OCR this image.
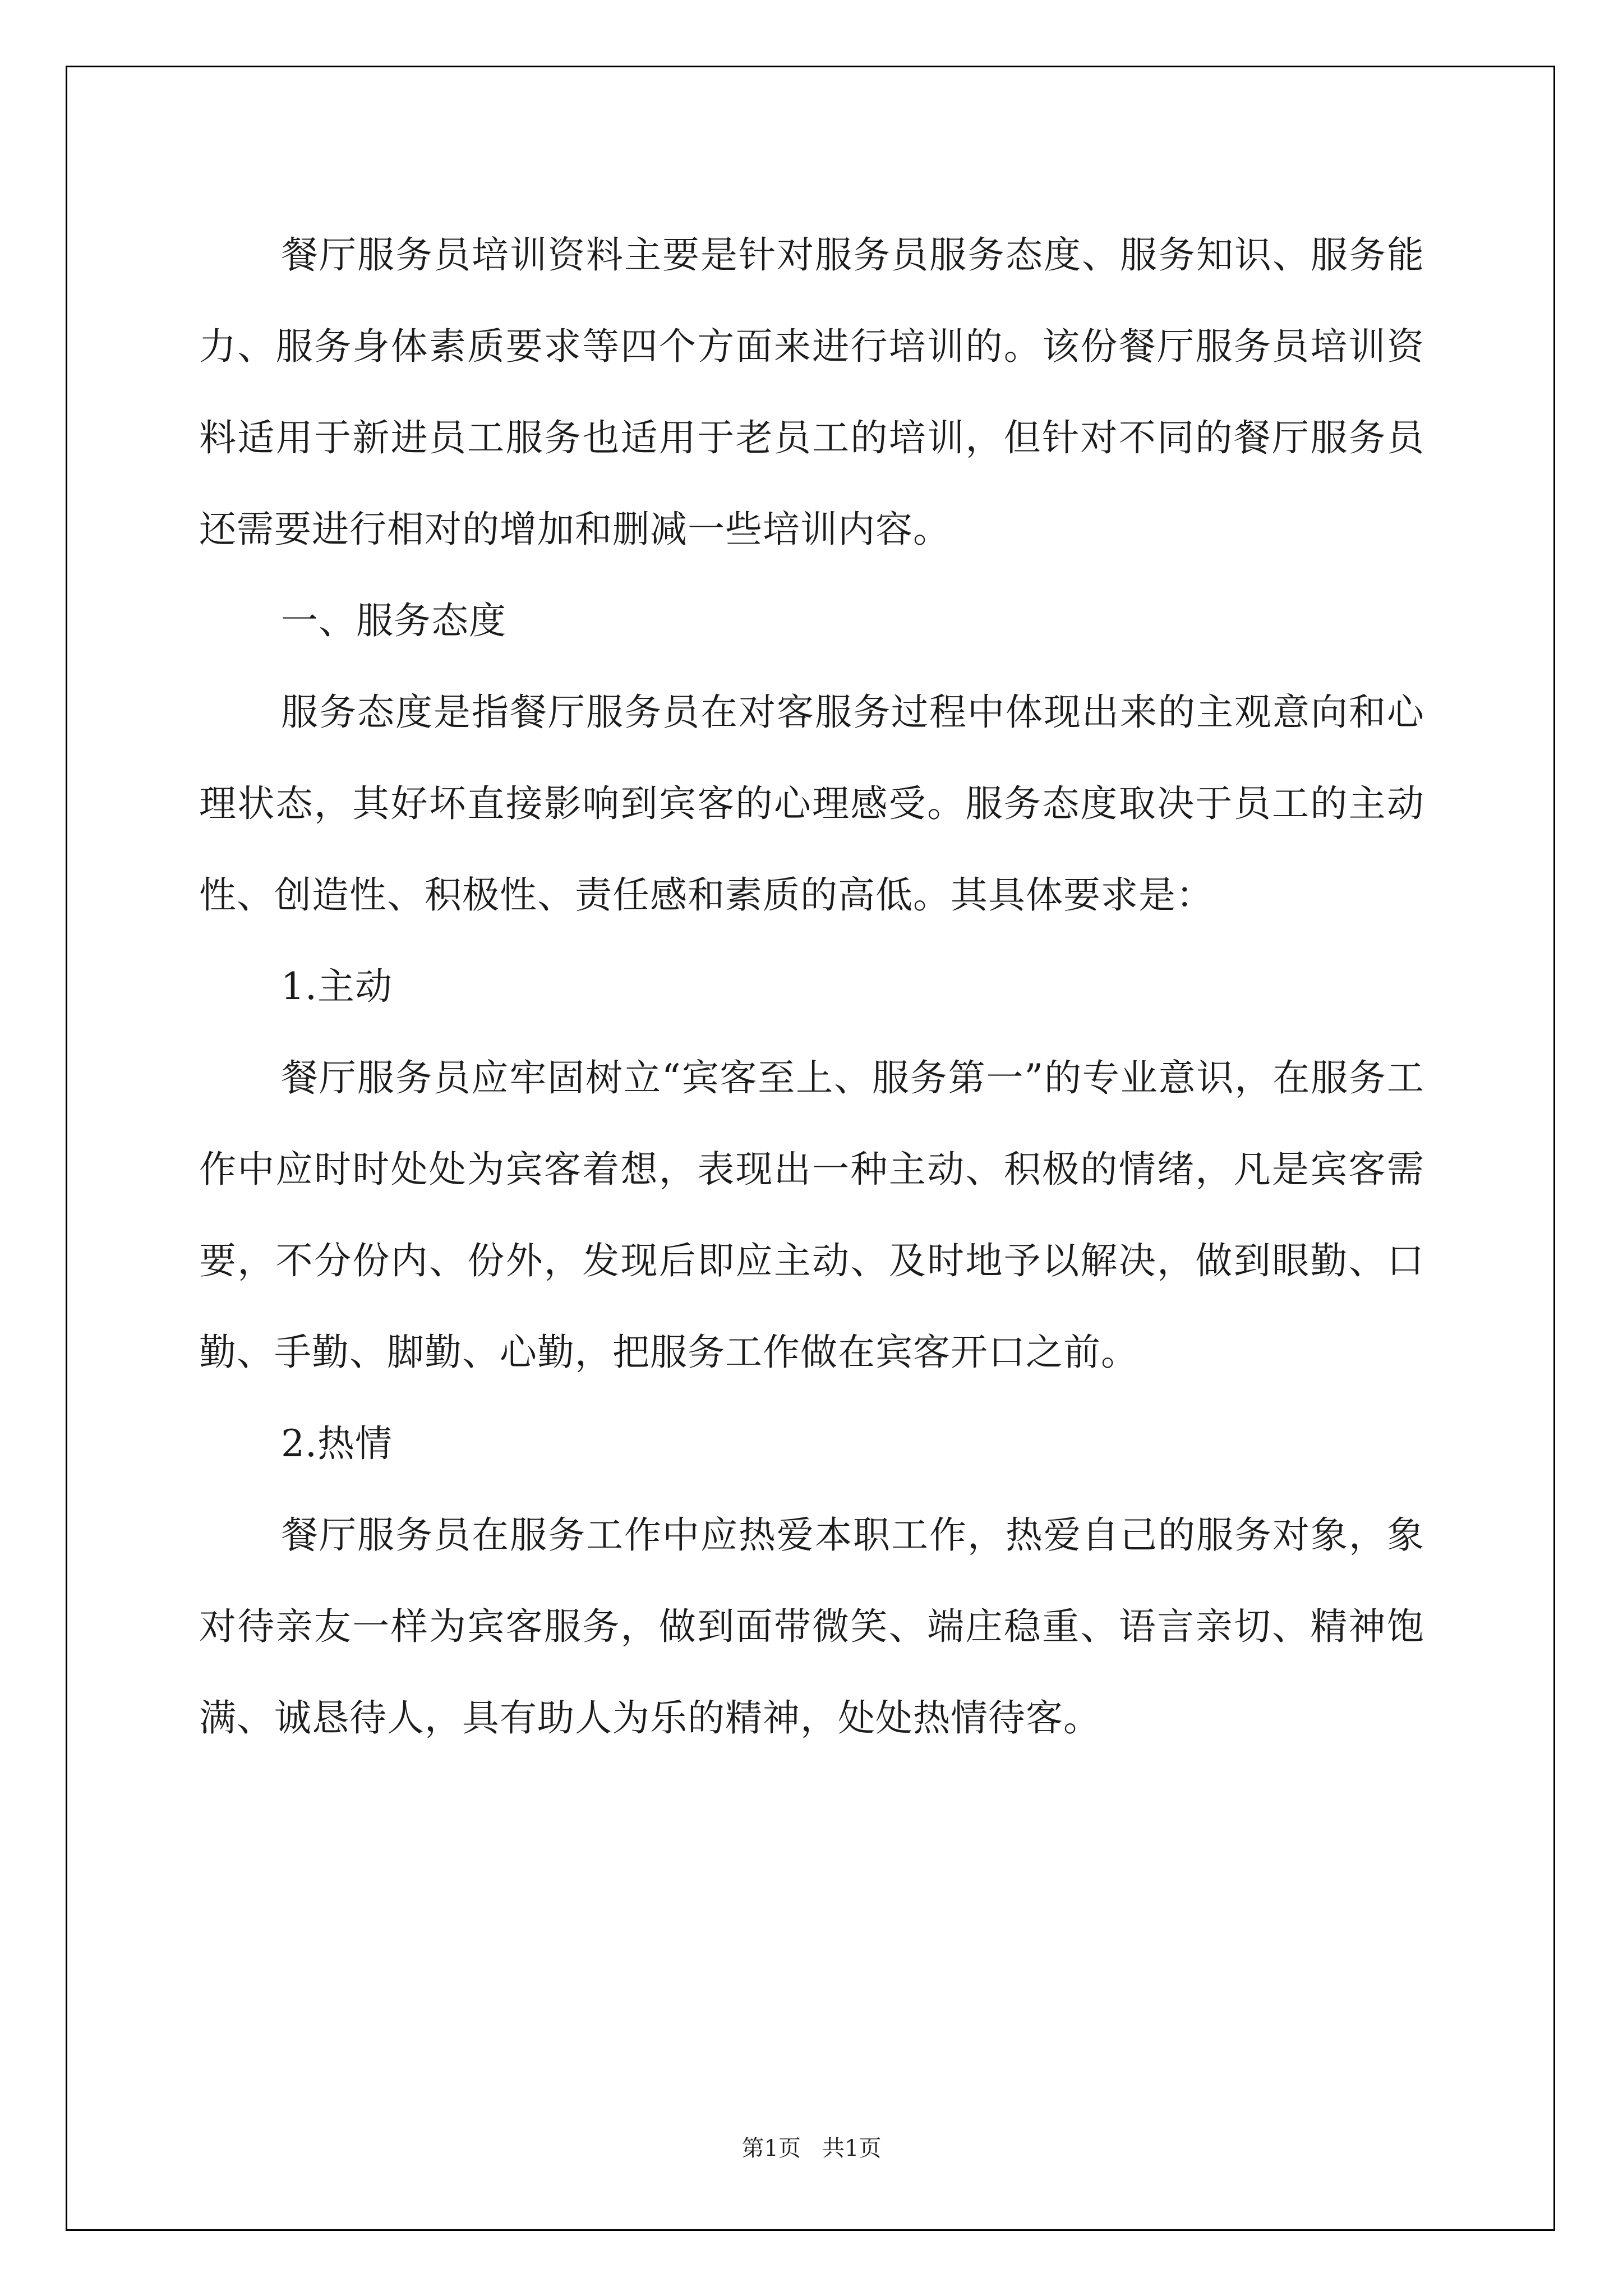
餐厅服务员培训资料主要是针对服务员服务态度、服务知识、服务能力、服务身体素质要求等四个方面来进行培训的。该份餐厅服务员培训资料适用于新进员工服务也适用于老员工的培训，但针对不同的餐厅服务员还需要进行相对的增加和删减一些培训内容。

一、服务态度

服务态度是指餐厅服务员在对客服务过程中体现出来的主观意向和心理状态，其好坏直接影响到宾客的心理感受。服务态度取决于员工的主动性、创造性、积极性、责任感和素质的高低。其具体要求是：

1.主动

餐厅服务员应牢固树立“宾客至上、服务第一”的专业意识，在服务工作中应时时处处为宾客着想，表现出一种主动、积极的情绪，凡是宾客需要，不分份内、份外，发现后即应主动、及时地予以解决，做到眼勤、口勤、手勤、脚勤、心勤，把服务工作做在宾客开口之前。

2.热情

餐厅服务员在服务工作中应热爱本职工作，热爱自己的服务对象，象对待亲友一样为宾客服务，做到面带微笑、端庄稳重、语言亲切、精神饱满、诚恳待人，具有助人为乐的精神，处处热情待客。

第1页   共1页
